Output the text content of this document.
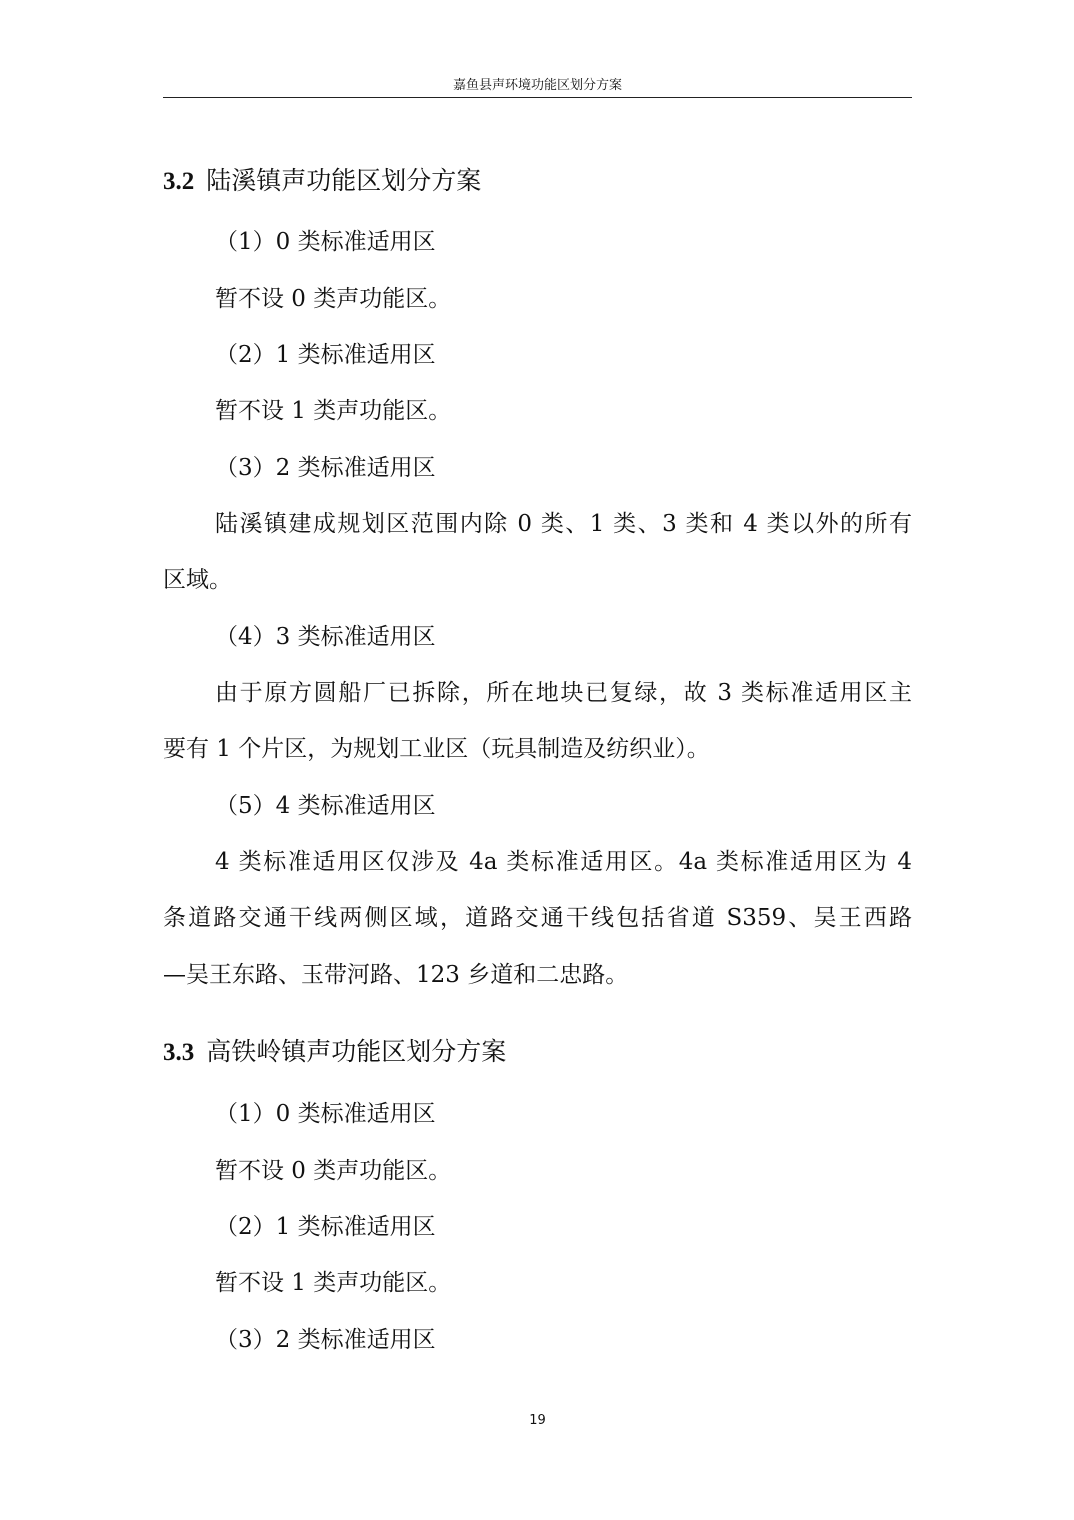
嘉鱼县声环境功能区划分方案
3.2 陆溪镇声功能区划分方案
（1）0 类标准适用区
暂不设 0 类声功能区。
（2）1 类标准适用区
暂不设 1 类声功能区。
（3）2 类标准适用区
陆溪镇建成规划区范围内除 0 类、1 类、3 类和 4 类以外的所有
区域。
（4）3 类标准适用区
由于原方圆船厂已拆除，所在地块已复绿，故 3 类标准适用区主
要有 1 个片区，为规划工业区（玩具制造及纺织业）。
（5）4 类标准适用区
4 类标准适用区仅涉及 4a 类标准适用区。4a 类标准适用区为 4
条道路交通干线两侧区域，道路交通干线包括省道 S359、吴王西路
—吴王东路、玉带河路、123 乡道和二忠路。
3.3 高铁岭镇声功能区划分方案
（1）0 类标准适用区
暂不设 0 类声功能区。
（2）1 类标准适用区
暂不设 1 类声功能区。
（3）2 类标准适用区
19
